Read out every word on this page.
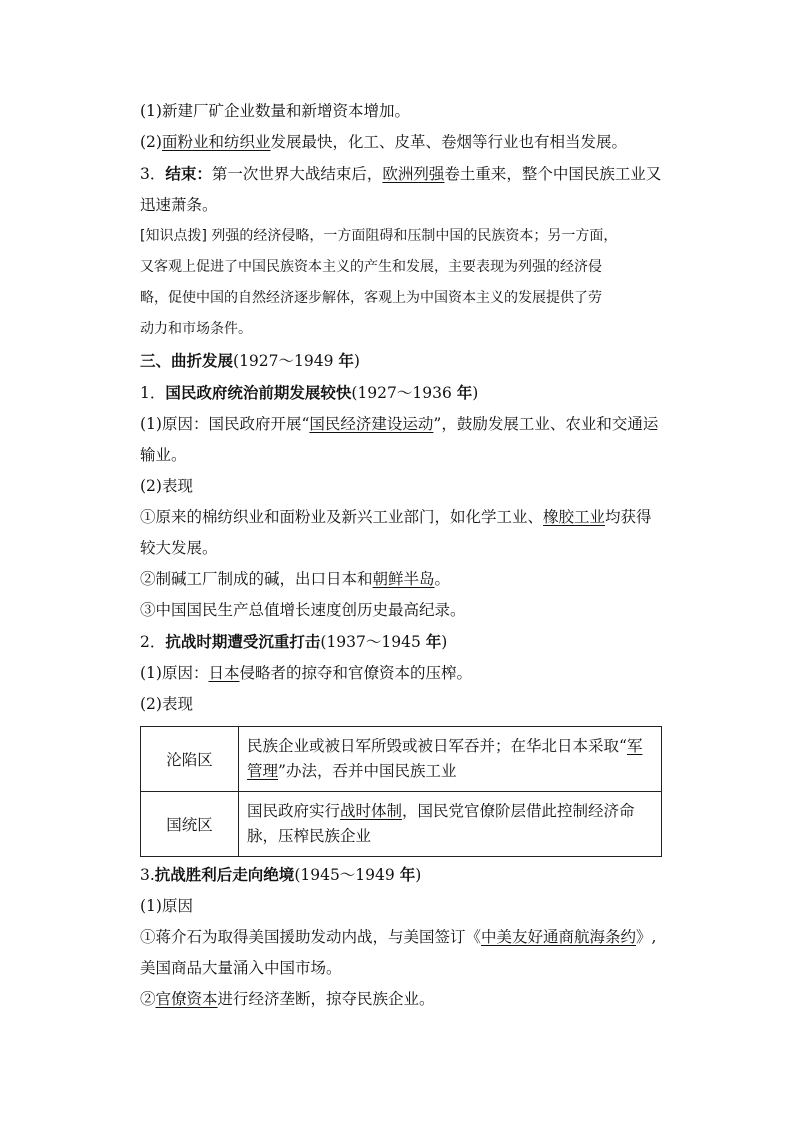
(1)新建厂矿企业数量和新增资本增加。
(2)面粉业和纺织业发展最快，化工、皮革、卷烟等行业也有相当发展。
3．结束：第一次世界大战结束后，欧洲列强卷土重来，整个中国民族工业又
迅速萧条。
[知识点拨] 列强的经济侵略，一方面阻碍和压制中国的民族资本；另一方面，
又客观上促进了中国民族资本主义的产生和发展，主要表现为列强的经济侵
略，促使中国的自然经济逐步解体，客观上为中国资本主义的发展提供了劳
动力和市场条件。
三、曲折发展(1927～1949 年)
1．国民政府统治前期发展较快(1927～1936 年)
(1)原因：国民政府开展“国民经济建设运动”，鼓励发展工业、农业和交通运
输业。
(2)表现
①原来的棉纺织业和面粉业及新兴工业部门，如化学工业、橡胶工业均获得
较大发展。
②制碱工厂制成的碱，出口日本和朝鲜半岛。
③中国国民生产总值增长速度创历史最高纪录。
2．抗战时期遭受沉重打击(1937～1945 年)
(1)原因：日本侵略者的掠夺和官僚资本的压榨。
(2)表现
沦陷区	民族企业或被日军所毁或被日军吞并；在华北日本采取“军管理”办法，吞并中国民族工业
国统区	国民政府实行战时体制，国民党官僚阶层借此控制经济命脉，压榨民族企业
3.抗战胜利后走向绝境(1945～1949 年)
(1)原因
①蒋介石为取得美国援助发动内战，与美国签订《中美友好通商航海条约》,
美国商品大量涌入中国市场。
②官僚资本进行经济垄断，掠夺民族企业。
